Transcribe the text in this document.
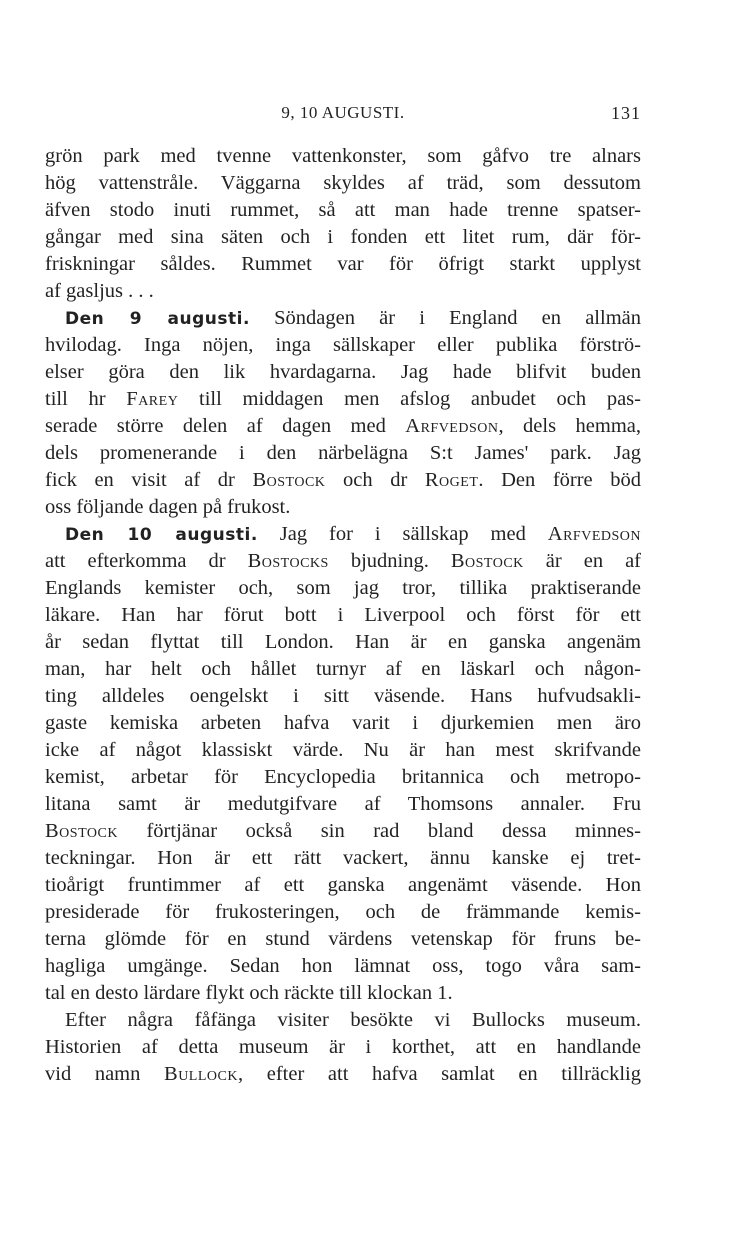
9, 10 AUGUSTI.	131
grön park med tvenne vattenkonster, som gåfvo tre alnars
hög vattenstråle. Väggarna skyldes af träd, som dessutom
äfven stodo inuti rummet, så att man hade trenne spatser-
gångar med sina säten och i fonden ett litet rum, där för-
friskningar såldes. Rummet var för öfrigt starkt upplyst
af gasljus . . .
Den 9 augusti. Söndagen är i England en allmän
hvilodag. Inga nöjen, inga sällskaper eller publika förströ-
elser göra den lik hvardagarna. Jag hade blifvit buden
till hr Farey till middagen men afslog anbudet och pas-
serade större delen af dagen med Arfvedson, dels hemma,
dels promenerande i den närbelägna S:t James' park. Jag
fick en visit af dr Bostock och dr Roget. Den förre böd
oss följande dagen på frukost.
Den 10 augusti. Jag for i sällskap med Arfvedson
att efterkomma dr Bostocks bjudning. Bostock är en af
Englands kemister och, som jag tror, tillika praktiserande
läkare. Han har förut bott i Liverpool och först för ett
år sedan flyttat till London. Han är en ganska angenäm
man, har helt och hållet turnyr af en läskarl och någon-
ting alldeles oengelskt i sitt väsende. Hans hufvudsakli-
gaste kemiska arbeten hafva varit i djurkemien men äro
icke af något klassiskt värde. Nu är han mest skrifvande
kemist, arbetar för Encyclopedia britannica och metropo-
litana samt är medutgifvare af Thomsons annaler. Fru
Bostock förtjänar också sin rad bland dessa minnes-
teckningar. Hon är ett rätt vackert, ännu kanske ej tret-
tioårigt fruntimmer af ett ganska angenämt väsende. Hon
presiderade för frukosteringen, och de främmande kemis-
terna glömde för en stund värdens vetenskap för fruns be-
hagliga umgänge. Sedan hon lämnat oss, togo våra sam-
tal en desto lärdare flykt och räckte till klockan 1.
Efter några fåfänga visiter besökte vi Bullocks museum.
Historien af detta museum är i korthet, att en handlande
vid namn Bullock, efter att hafva samlat en tillräcklig
